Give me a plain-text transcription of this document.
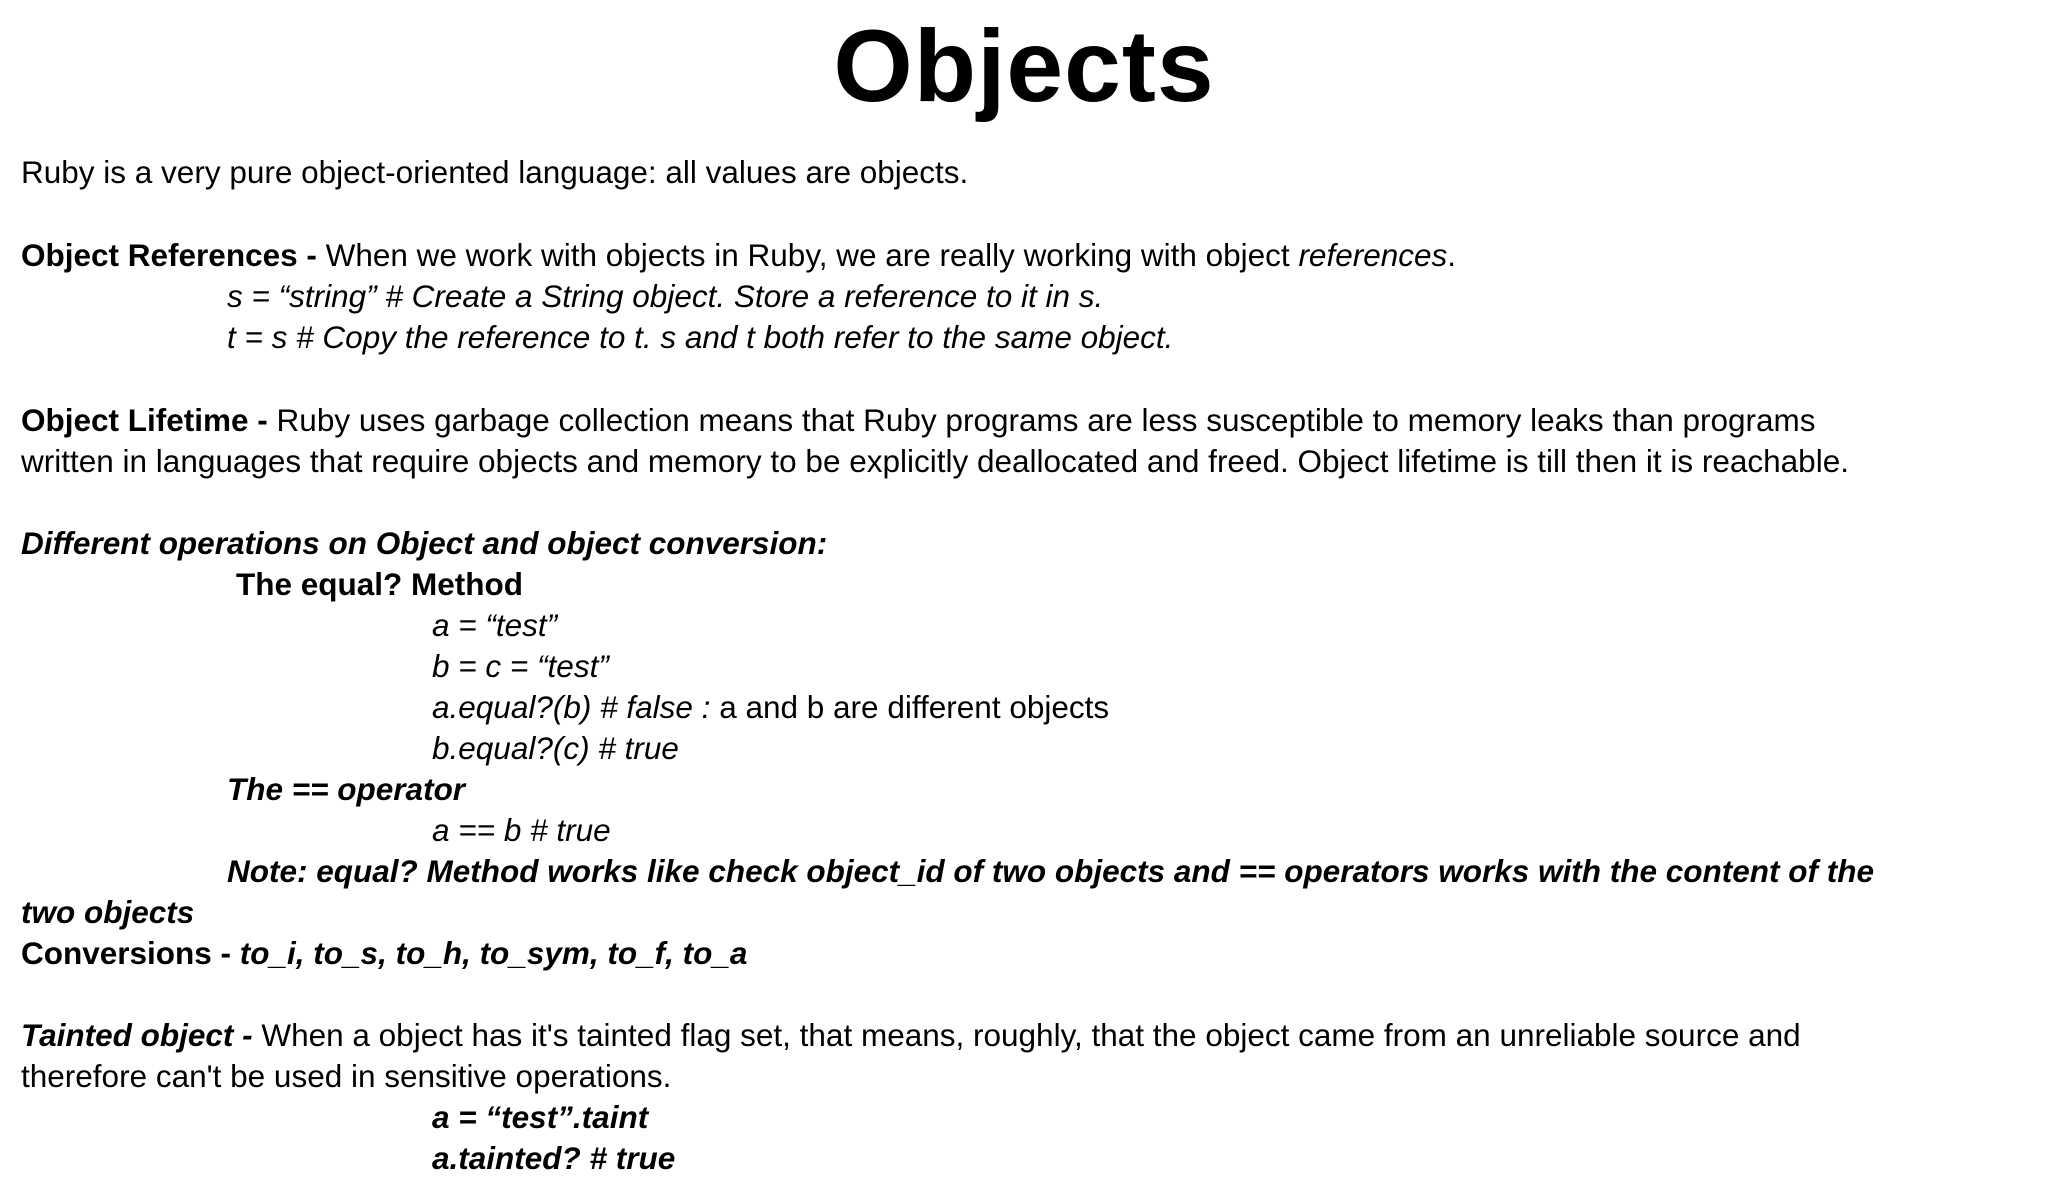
Objects
Ruby is a very pure object-oriented language: all values are objects.
Object References - When we work with objects in Ruby, we are really working with object references.
s = “string” # Create a String object. Store a reference to it in s.
t = s # Copy the reference to t. s and t both refer to the same object.
Object Lifetime - Ruby uses garbage collection means that Ruby programs are less susceptible to memory leaks than programs
written in languages that require objects and memory to be explicitly deallocated and freed. Object lifetime is till then it is reachable.
Different operations on Object and object conversion:
The equal? Method
a = “test”
b = c = “test”
a.equal?(b) # false : a and b are different objects
b.equal?(c) # true
The == operator
a == b # true
Note: equal? Method works like check object_id of two objects and == operators works with the content of the
two objects
Conversions - to_i, to_s, to_h, to_sym, to_f, to_a
Tainted object - When a object has it's tainted flag set, that means, roughly, that the object came from an unreliable source and
therefore can't be used in sensitive operations.
a = “test”.taint
a.tainted? # true
